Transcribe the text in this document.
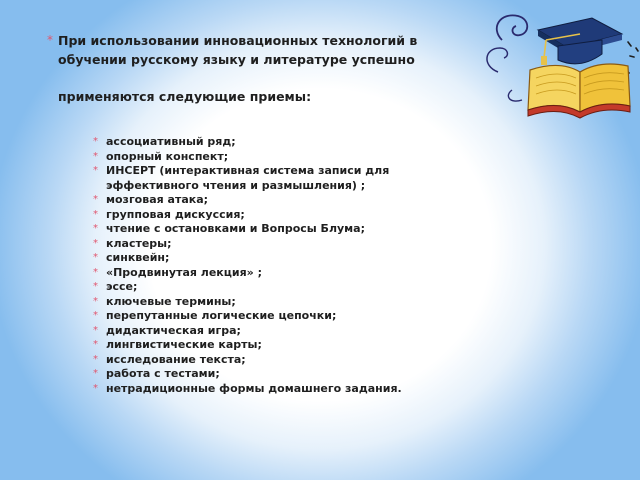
* При использовании инновационных технологий в
обучении русскому языку и литературе успешно
применяются следующие приемы:
* ассоциативный ряд;
* опорный конспект;
* ИНСЕРТ (интерактивная система записи для
эффективного чтения и размышления) ;
* мозговая атака;
* групповая дискуссия;
* чтение с остановками и Вопросы Блума;
* кластеры;
* синквейн;
* «Продвинутая лекция» ;
* эссе;
* ключевые термины;
* перепутанные логические цепочки;
* дидактическая игра;
* лингвистические карты;
* исследование текста;
* работа с тестами;
* нетрадиционные формы домашнего задания.
